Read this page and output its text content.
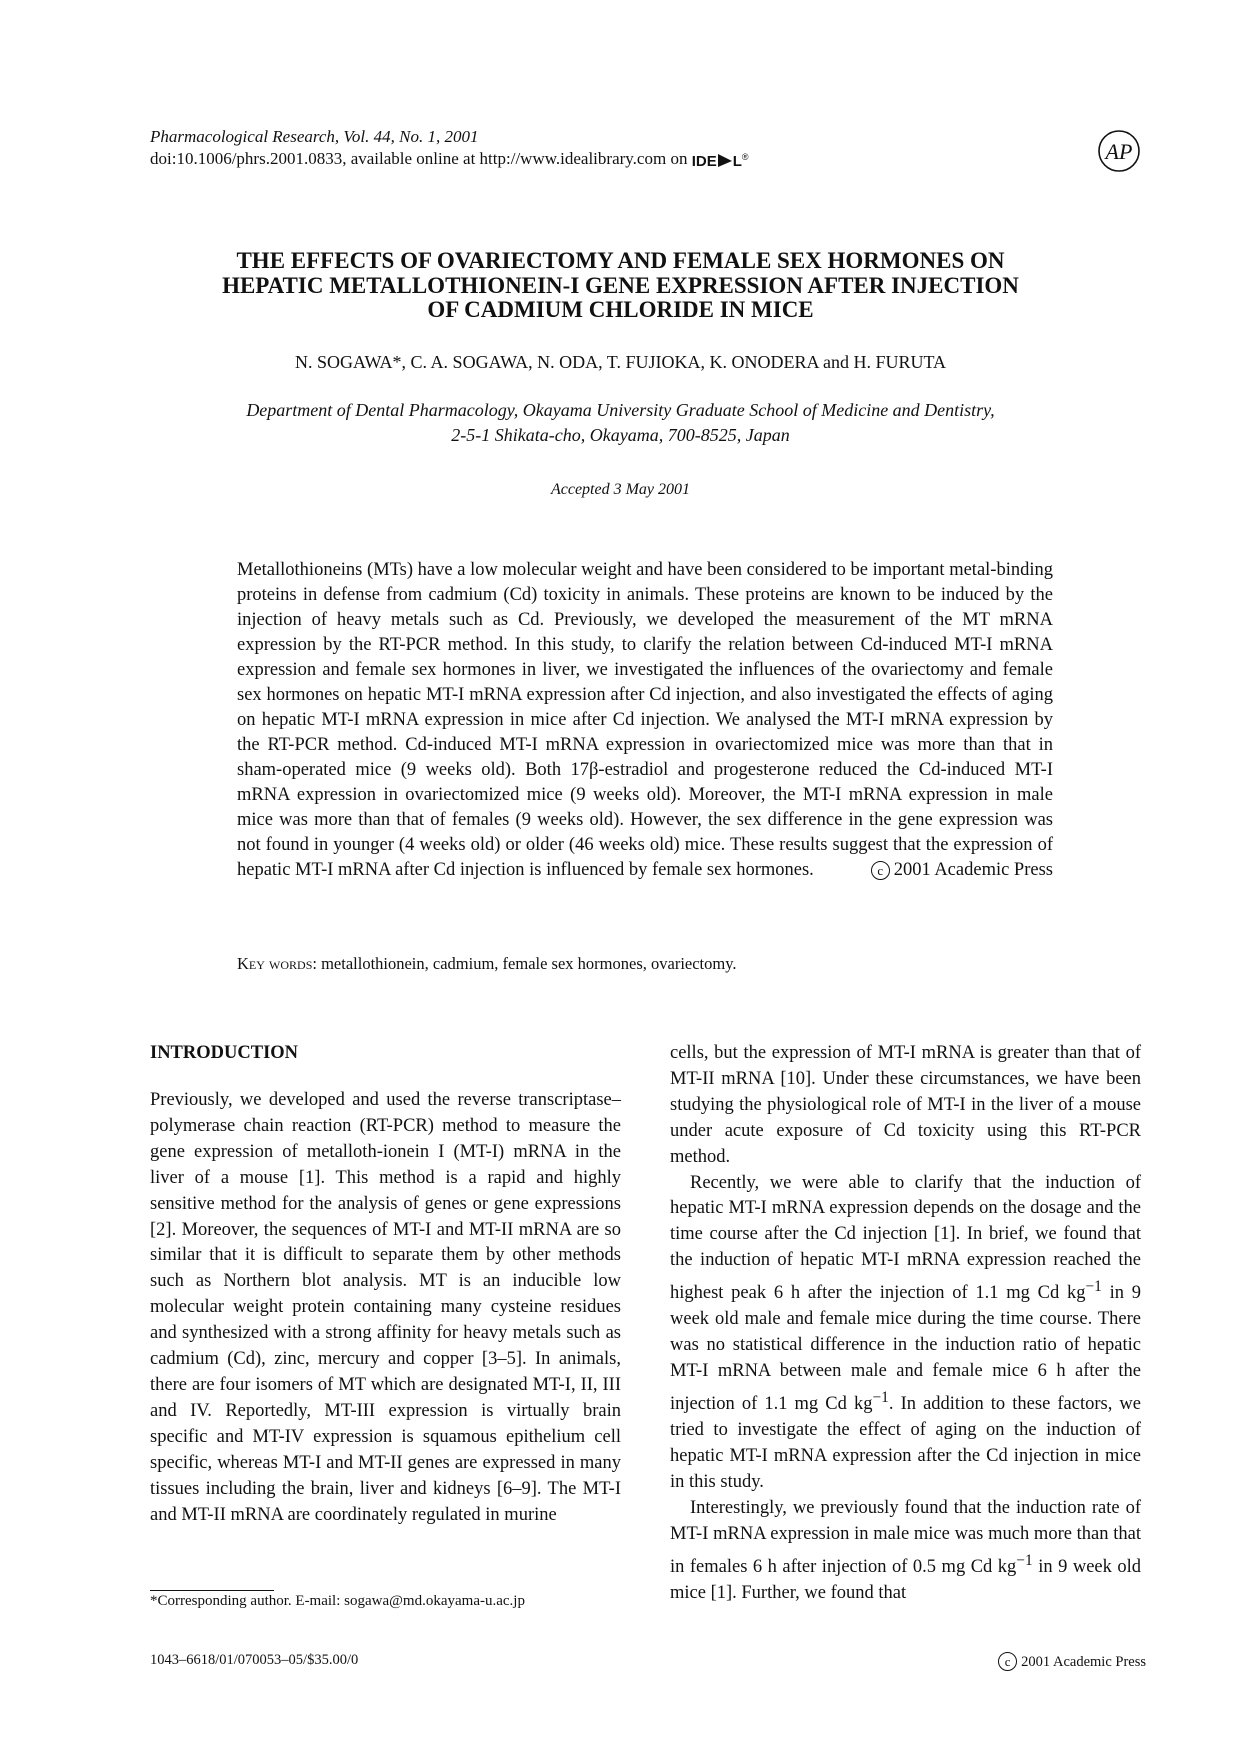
Pharmacological Research, Vol. 44, No. 1, 2001
doi:10.1006/phrs.2001.0833, available online at http://www.idealibrary.com on IDE L®	AP
THE EFFECTS OF OVARIECTOMY AND FEMALE SEX HORMONES ON
HEPATIC METALLOTHIONEIN-I GENE EXPRESSION AFTER INJECTION
OF CADMIUM CHLORIDE IN MICE
N. SOGAWA*, C. A. SOGAWA, N. ODA, T. FUJIOKA, K. ONODERA and H. FURUTA
Department of Dental Pharmacology, Okayama University Graduate School of Medicine and Dentistry,
2-5-1 Shikata-cho, Okayama, 700-8525, Japan
Accepted 3 May 2001
Metallothioneins (MTs) have a low molecular weight and have been considered to be important metal-binding proteins in defense from cadmium (Cd) toxicity in animals. These proteins are known to be induced by the injection of heavy metals such as Cd. Previously, we developed the measurement of the MT mRNA expression by the RT-PCR method. In this study, to clarify the relation between Cd-induced MT-I mRNA expression and female sex hormones in liver, we investigated the influences of the ovariectomy and female sex hormones on hepatic MT-I mRNA expression after Cd injection, and also investigated the effects of aging on hepatic MT-I mRNA expression in mice after Cd injection. We analysed the MT-I mRNA expression by the RT-PCR method. Cd-induced MT-I mRNA expression in ovariectomized mice was more than that in sham-operated mice (9 weeks old). Both 17β-estradiol and progesterone reduced the Cd-induced MT-I mRNA expression in ovariectomized mice (9 weeks old). Moreover, the MT-I mRNA expression in male mice was more than that of females (9 weeks old). However, the sex difference in the gene expression was not found in younger (4 weeks old) or older (46 weeks old) mice. These results suggest that the expression of hepatic MT-I mRNA after Cd injection is influenced by female sex hormones.	c 2001 Academic Press
Key words: metallothionein, cadmium, female sex hormones, ovariectomy.
INTRODUCTION

Previously, we developed and used the reverse transcriptase–polymerase chain reaction (RT-PCR) method to measure the gene expression of metalloth-ionein I (MT-I) mRNA in the liver of a mouse [1]. This method is a rapid and highly sensitive method for the analysis of genes or gene expressions [2]. Moreover, the sequences of MT-I and MT-II mRNA are so similar that it is difficult to separate them by other methods such as Northern blot analysis. MT is an inducible low molecular weight protein containing many cysteine residues and synthesized with a strong affinity for heavy metals such as cadmium (Cd), zinc, mercury and copper [3–5]. In animals, there are four isomers of MT which are designated MT-I, II, III and IV. Reportedly, MT-III expression is virtually brain specific and MT-IV expression is squamous epithelium cell specific, whereas MT-I and MT-II genes are expressed in many tissues including the brain, liver and kidneys [6–9]. The MT-I and MT-II mRNA are coordinately regulated in murine

cells, but the expression of MT-I mRNA is greater than that of MT-II mRNA [10]. Under these circumstances, we have been studying the physiological role of MT-I in the liver of a mouse under acute exposure of Cd toxicity using this RT-PCR method.

Recently, we were able to clarify that the induction of hepatic MT-I mRNA expression depends on the dosage and the time course after the Cd injection [1]. In brief, we found that the induction of hepatic MT-I mRNA expression reached the highest peak 6 h after the injection of 1.1 mg Cd $kg^{-1}$ in 9 week old male and female mice during the time course. There was no statistical difference in the induction ratio of hepatic MT-I mRNA between male and female mice 6 h after the injection of 1.1 mg Cd $kg^{-1}$. In addition to these factors, we tried to investigate the effect of aging on the induction of hepatic MT-I mRNA expression after the Cd injection in mice in this study.

Interestingly, we previously found that the induction rate of MT-I mRNA expression in male mice was much more than that in females 6 h after injection of 0.5 mg Cd $kg^{-1}$ in 9 week old mice [1]. Further, we found that

*Corresponding author. E-mail: sogawa@md.okayama-u.ac.jp
1043–6618/01/070053–05/$35.00/0	c 2001 Academic Press
